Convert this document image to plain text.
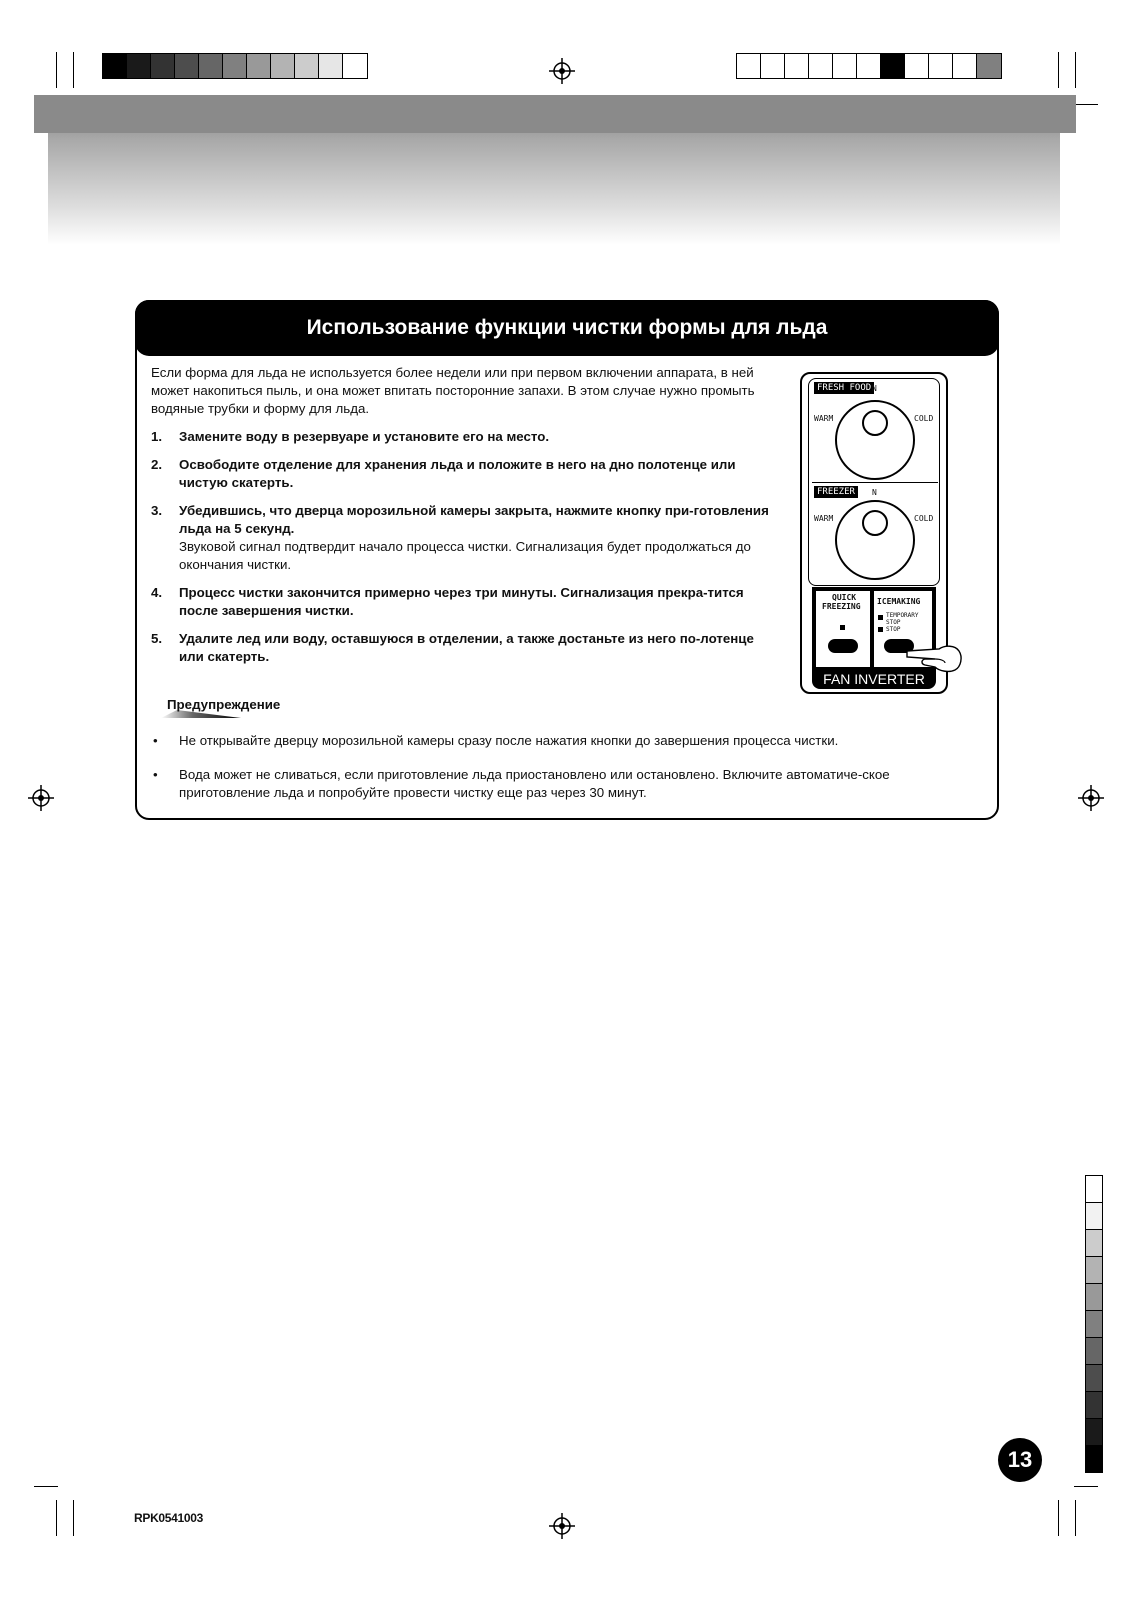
Использование функции чистки формы для льда
Если форма для льда не используется более недели или при первом включении аппарата, в ней может накопиться пыль, и она может впитать посторонние запахи. В этом случае нужно промыть водяные трубки и форму для льда.
1. Замените воду в резервуаре и установите его на место.
2. Освободите отделение для хранения льда и положите в него на дно полотенце или чистую скатерть.
3. Убедившись, что дверца морозильной камеры закрыта, нажмите кнопку при-готовления льда на 5 секунд.
Звуковой сигнал подтвердит начало процесса чистки. Сигнализация будет продолжаться до окончания чистки.
4. Процесс чистки закончится примерно через три минуты. Сигнализация прекра-тится после завершения чистки.
5. Удалите лед или воду, оставшуюся в отделении, а также достаньте из него по-лотенце или скатерть.
Предупреждение
• Не открывайте дверцу морозильной камеры сразу после нажатия кнопки до завершения процесса чистки.
• Вода может не сливаться, если приготовление льда приостановлено или остановлено. Включите автоматиче-ское приготовление льда и попробуйте провести чистку еще раз через 30 минут.
FRESH FOOD N
WARM	COLD
FREEZER	N
WARM	COLD
QUICK
FREEZING
ICEMAKING
TEMPORARY
STOP
STOP
FAN INVERTER
13
RPK0541003
